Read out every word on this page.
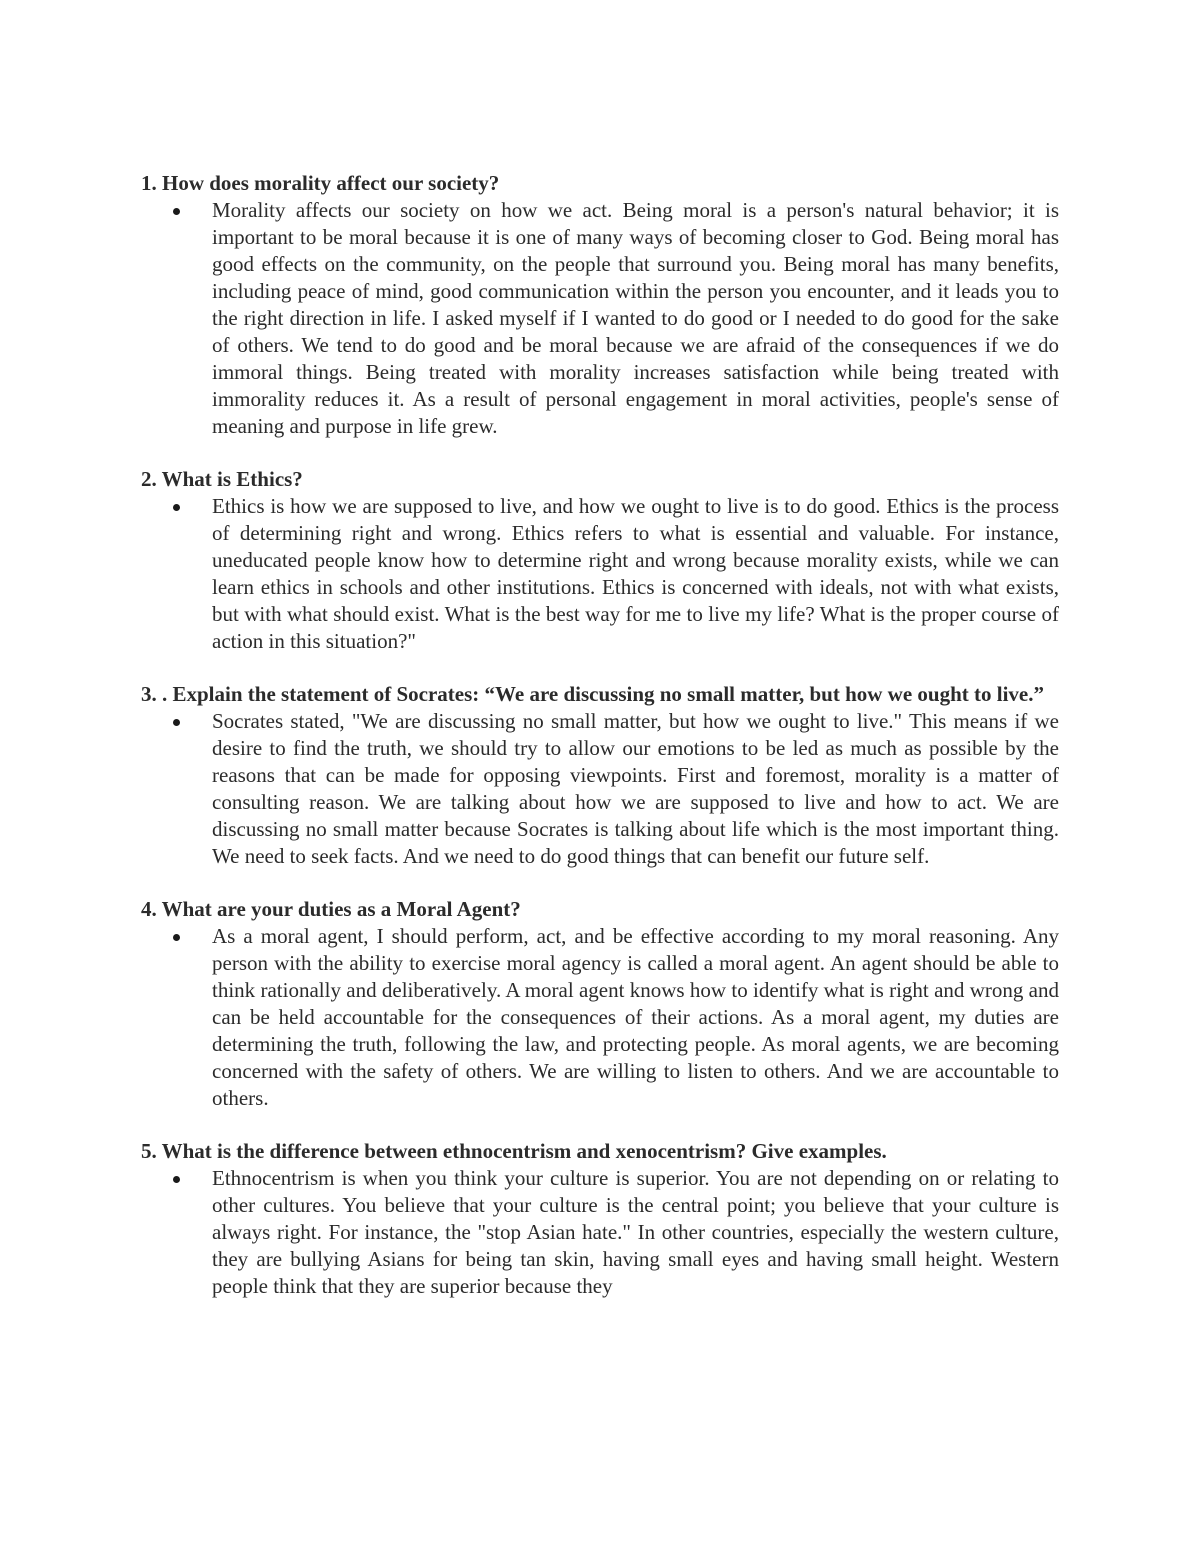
1. How does morality affect our society?

Morality affects our society on how we act. Being moral is a person's natural behavior; it is important to be moral because it is one of many ways of becoming closer to God. Being moral has good effects on the community, on the people that surround you. Being moral has many benefits, including peace of mind, good communication within the person you encounter, and it leads you to the right direction in life. I asked myself if I wanted to do good or I needed to do good for the sake of others. We tend to do good and be moral because we are afraid of the consequences if we do immoral things. Being treated with morality increases satisfaction while being treated with immorality reduces it. As a result of personal engagement in moral activities, people's sense of meaning and purpose in life grew.

2. What is Ethics?

Ethics is how we are supposed to live, and how we ought to live is to do good. Ethics is the process of determining right and wrong. Ethics refers to what is essential and valuable. For instance, uneducated people know how to determine right and wrong because morality exists, while we can learn ethics in schools and other institutions. Ethics is concerned with ideals, not with what exists, but with what should exist. What is the best way for me to live my life? What is the proper course of action in this situation?"

3. . Explain the statement of Socrates: “We are discussing no small matter, but how we ought to live.”

Socrates stated, "We are discussing no small matter, but how we ought to live." This means if we desire to find the truth, we should try to allow our emotions to be led as much as possible by the reasons that can be made for opposing viewpoints. First and foremost, morality is a matter of consulting reason. We are talking about how we are supposed to live and how to act. We are discussing no small matter because Socrates is talking about life which is the most important thing. We need to seek facts. And we need to do good things that can benefit our future self.

4. What are your duties as a Moral Agent?

As a moral agent, I should perform, act, and be effective according to my moral reasoning. Any person with the ability to exercise moral agency is called a moral agent. An agent should be able to think rationally and deliberatively. A moral agent knows how to identify what is right and wrong and can be held accountable for the consequences of their actions. As a moral agent, my duties are determining the truth, following the law, and protecting people. As moral agents, we are becoming concerned with the safety of others. We are willing to listen to others. And we are accountable to others.

5. What is the difference between ethnocentrism and xenocentrism? Give examples.

Ethnocentrism is when you think your culture is superior. You are not depending on or relating to other cultures. You believe that your culture is the central point; you believe that your culture is always right. For instance, the "stop Asian hate." In other countries, especially the western culture, they are bullying Asians for being tan skin, having small eyes and having small height. Western people think that they are superior because they
